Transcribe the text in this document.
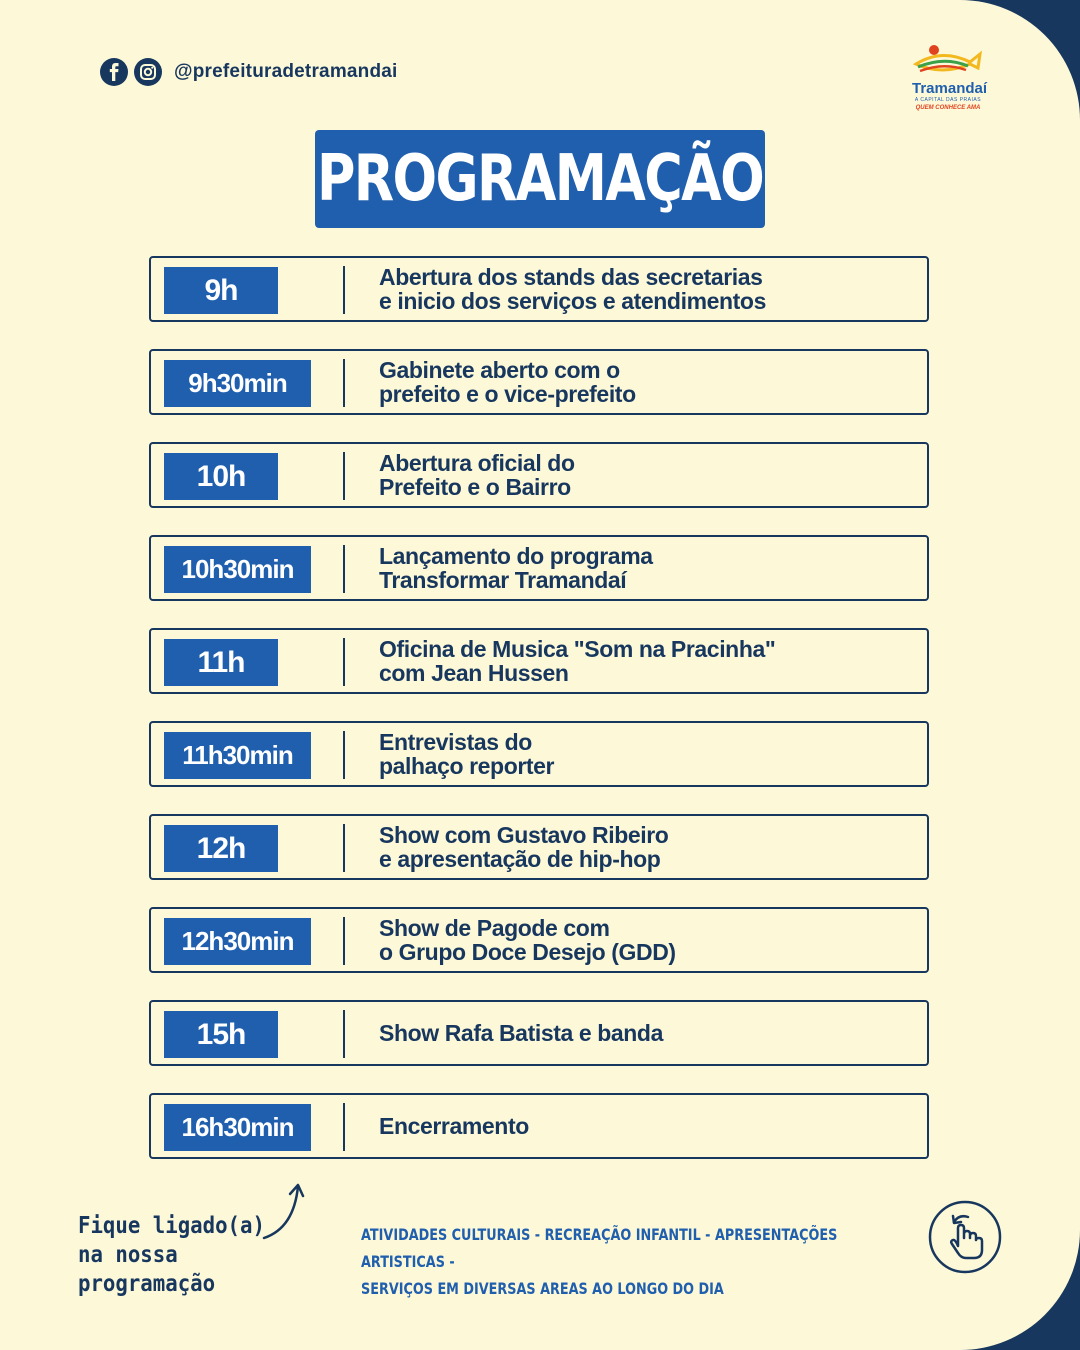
@prefeituradetramandai
Tramandaí
A CAPITAL DAS PRAIAS
QUEM CONHECE AMA
PROGRAMAÇÃO
9h	Abertura dos stands das secretarias
e inicio dos serviços e atendimentos
9h30min	Gabinete aberto com o
prefeito e o vice-prefeito
10h	Abertura oficial do
Prefeito e o Bairro
10h30min	Lançamento do programa
Transformar Tramandaí
11h	Oficina de Musica "Som na Pracinha"
com Jean Hussen
11h30min	Entrevistas do
palhaço reporter
12h	Show com Gustavo Ribeiro
e apresentação de hip-hop
12h30min	Show de Pagode com
o Grupo Doce Desejo (GDD)
15h	Show Rafa Batista e banda
16h30min	Encerramento
Fique ligado(a)
na nossa
programação
ATIVIDADES CULTURAIS - RECREAÇÃO INFANTIL - APRESENTAÇÕES ARTISTICAS -
SERVIÇOS EM DIVERSAS AREAS AO LONGO DO DIA
